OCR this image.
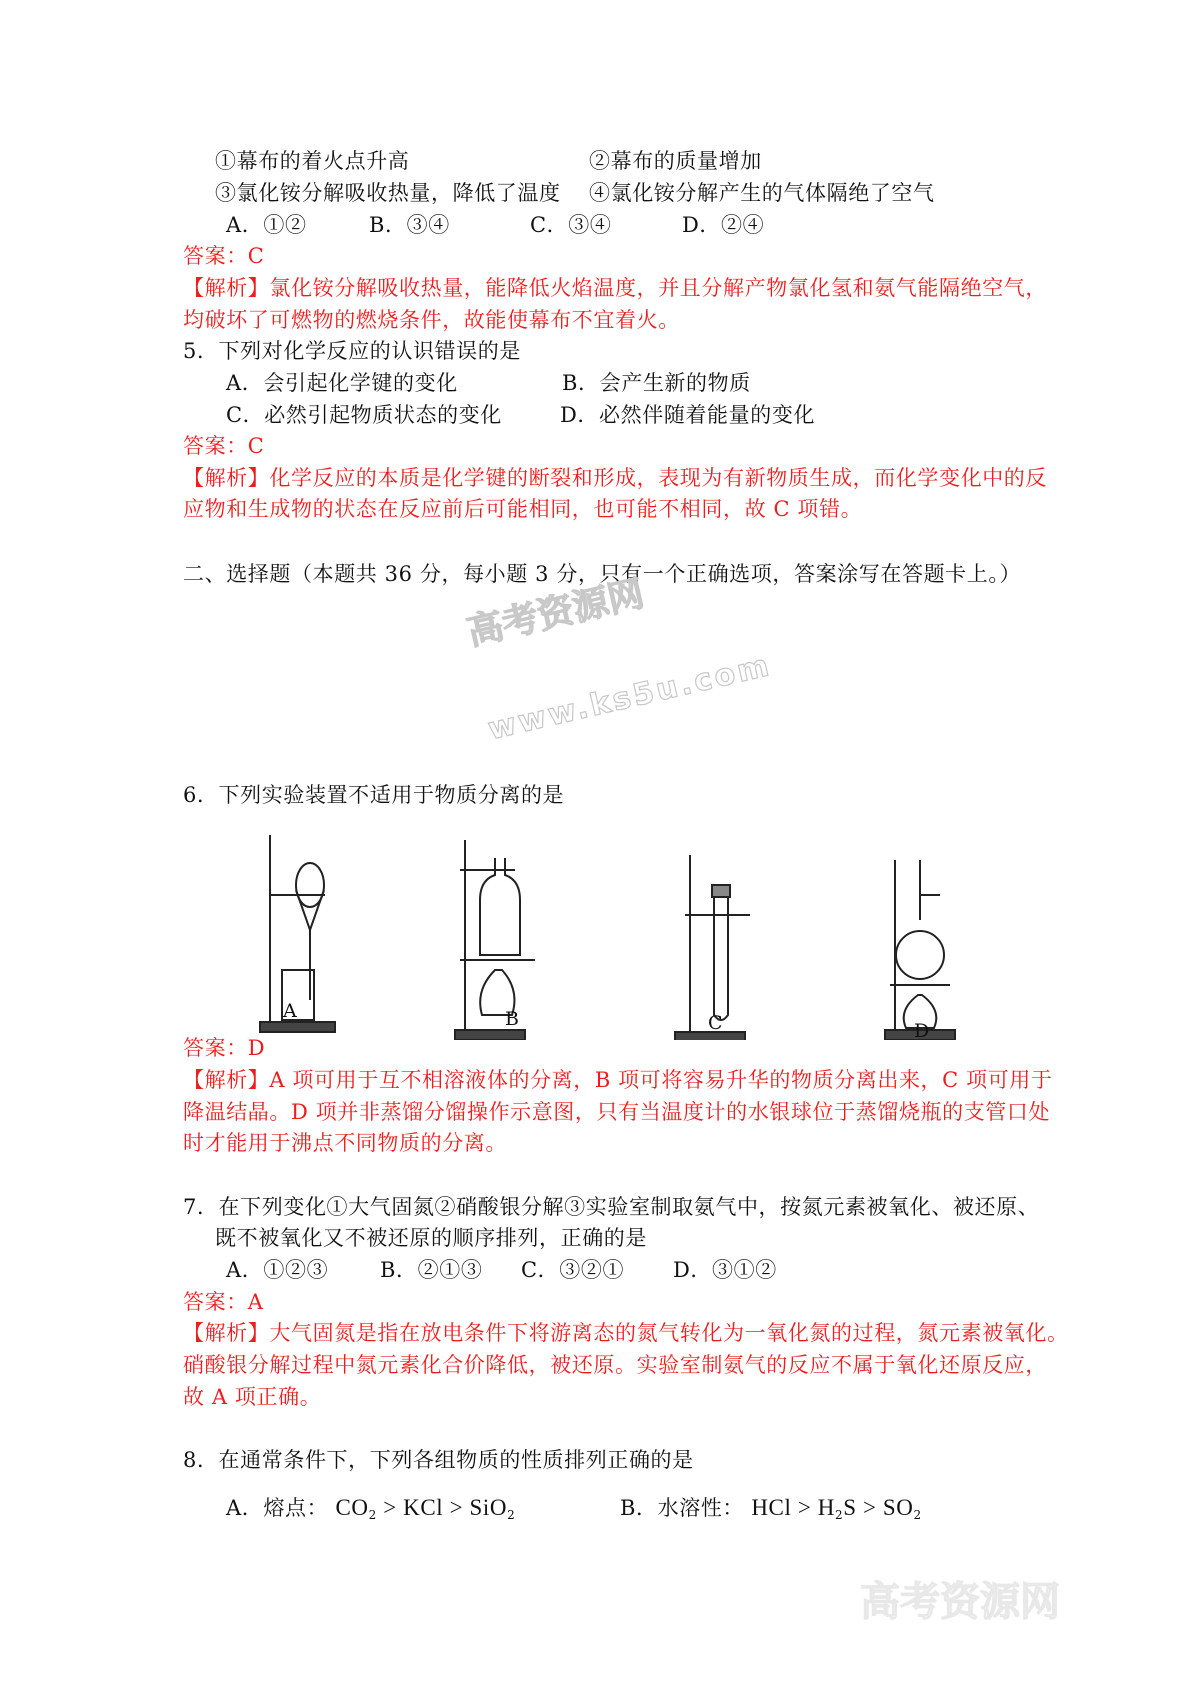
①幕布的着火点升高	②幕布的质量增加
③氯化铵分解吸收热量，降低了温度 ④氯化铵分解产生的气体隔绝了空气
A．①②	B．③④	C．③④	D．②④
答案：C
【解析】氯化铵分解吸收热量，能降低火焰温度，并且分解产物氯化氢和氨气能隔绝空气，
均破坏了可燃物的燃烧条件，故能使幕布不宜着火。
5．下列对化学反应的认识错误的是
A．会引起化学键的变化	B．会产生新的物质
C．必然引起物质状态的变化	D．必然伴随着能量的变化
答案：C
【解析】化学反应的本质是化学键的断裂和形成，表现为有新物质生成，而化学变化中的反
应物和生成物的状态在反应前后可能相同，也可能不相同，故 C 项错。
二、选择题（本题共 36 分，每小题 3 分，只有一个正确选项，答案涂写在答题卡上。）
高考资源网
www.ks5u.com
高考资源网
6．下列实验装置不适用于物质分离的是
A	B	C	D
答案：D
【解析】A 项可用于互不相溶液体的分离，B 项可将容易升华的物质分离出来，C 项可用于
降温结晶。D 项并非蒸馏分馏操作示意图，只有当温度计的水银球位于蒸馏烧瓶的支管口处
时才能用于沸点不同物质的分离。
7．在下列变化①大气固氮②硝酸银分解③实验室制取氨气中，按氮元素被氧化、被还原、
既不被氧化又不被还原的顺序排列，正确的是
A．①②③ B．②①③ C．③②① D．③①②
答案：A
【解析】大气固氮是指在放电条件下将游离态的氮气转化为一氧化氮的过程，氮元素被氧化。
硝酸银分解过程中氮元素化合价降低，被还原。实验室制氨气的反应不属于氧化还原反应，
故 A 项正确。
8．在通常条件下，下列各组物质的性质排列正确的是
A．熔点： $CO_2$ > KCl > SiO$_2$	B．水溶性： HCl > $H_2S > SO_2$
